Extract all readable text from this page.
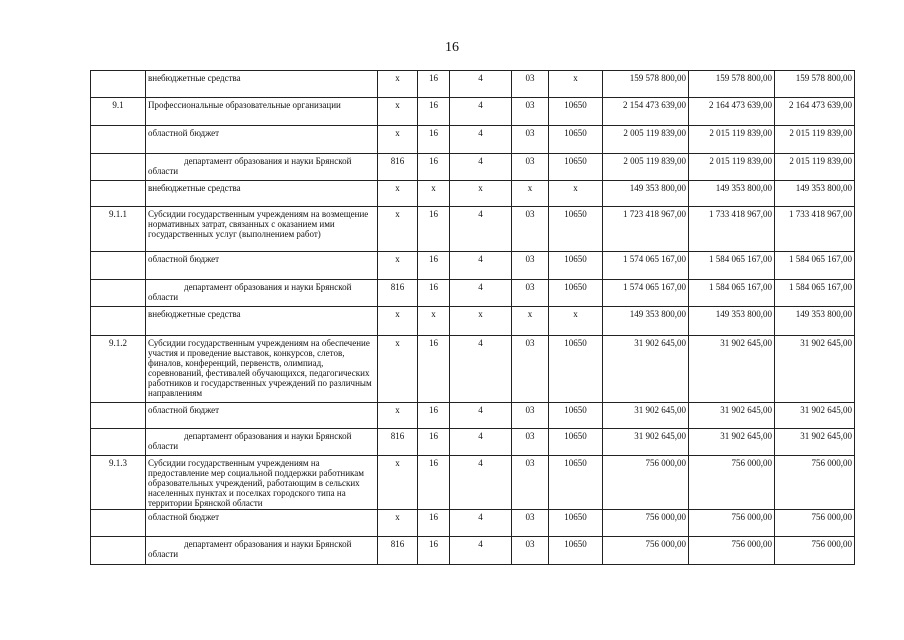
16
	внебюджетные средства	x	16	4	03	x	159 578 800,00	159 578 800,00	159 578 800,00
9.1	Профессиональные образовательные организации	x	16	4	03	10650	2 154 473 639,00	2 164 473 639,00	2 164 473 639,00
	областной бюджет	x	16	4	03	10650	2 005 119 839,00	2 015 119 839,00	2 015 119 839,00
	департамент образования и науки Брянской области	816	16	4	03	10650	2 005 119 839,00	2 015 119 839,00	2 015 119 839,00
	внебюджетные средства	x	x	x	x	x	149 353 800,00	149 353 800,00	149 353 800,00
9.1.1	Субсидии государственным учреждениям на возмещение нормативных затрат, связанных с оказанием ими государственных услуг (выполнением работ)	x	16	4	03	10650	1 723 418 967,00	1 733 418 967,00	1 733 418 967,00
	областной бюджет	x	16	4	03	10650	1 574 065 167,00	1 584 065 167,00	1 584 065 167,00
	департамент образования и науки Брянской области	816	16	4	03	10650	1 574 065 167,00	1 584 065 167,00	1 584 065 167,00
	внебюджетные средства	x	x	x	x	x	149 353 800,00	149 353 800,00	149 353 800,00
9.1.2	Субсидии государственным учреждениям на обеспечение участия и проведение выставок, конкурсов, слетов, финалов, конференций, первенств, олимпиад, соревнований, фестивалей обучающихся, педагогических работников и государственных учреждений по различным направлениям	x	16	4	03	10650	31 902 645,00	31 902 645,00	31 902 645,00
	областной бюджет	x	16	4	03	10650	31 902 645,00	31 902 645,00	31 902 645,00
	департамент образования и науки Брянской области	816	16	4	03	10650	31 902 645,00	31 902 645,00	31 902 645,00
9.1.3	Субсидии государственным учреждениям на предоставление мер социальной поддержки работникам образовательных учреждений, работающим в сельских населенных пунктах и поселках городского типа на территории Брянской области	x	16	4	03	10650	756 000,00	756 000,00	756 000,00
	областной бюджет	x	16	4	03	10650	756 000,00	756 000,00	756 000,00
	департамент образования и науки Брянской области	816	16	4	03	10650	756 000,00	756 000,00	756 000,00
